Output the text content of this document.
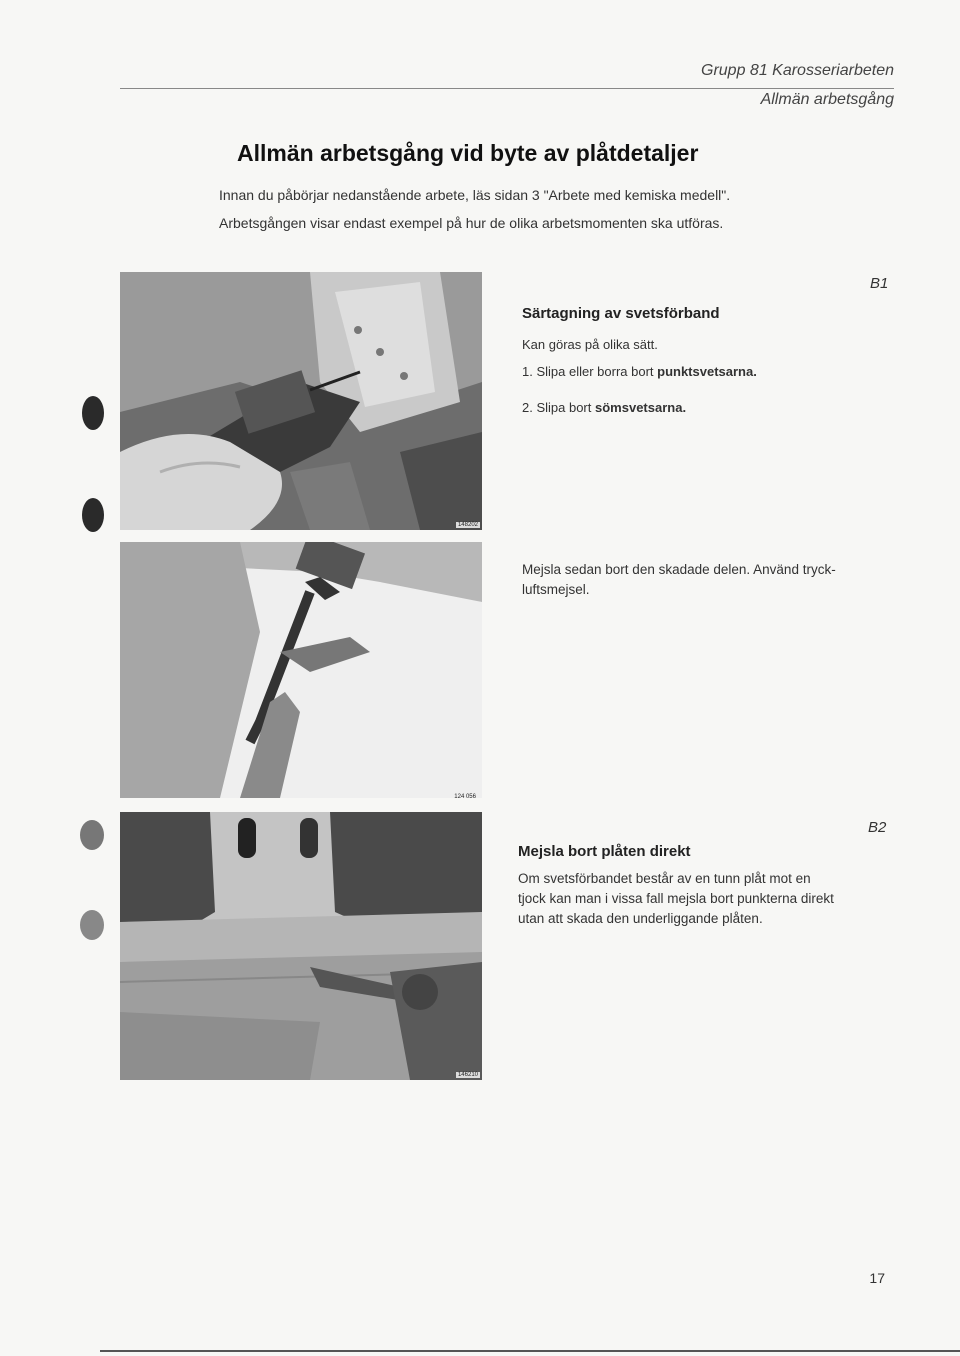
Grupp 81 Karosseriarbeten
Allmän arbetsgång
Allmän arbetsgång vid byte av plåtdetaljer
Innan du påbörjar nedanstående arbete, läs sidan 3 "Arbete med kemiska medell".
Arbetsgången visar endast exempel på hur de olika arbetsmomenten ska utföras.
148202
B1
Särtagning av svetsförband
Kan göras på olika sätt.
1. Slipa eller borra bort punktsvetsarna.
2. Slipa bort sömsvetsarna.
124 056
Mejsla sedan bort den skadade delen. Använd tryck-
luftsmejsel.
146210
B2
Mejsla bort plåten direkt
Om svetsförbandet består av en tunn plåt mot en
tjock kan man i vissa fall mejsla bort punkterna direkt
utan att skada den underliggande plåten.
17
